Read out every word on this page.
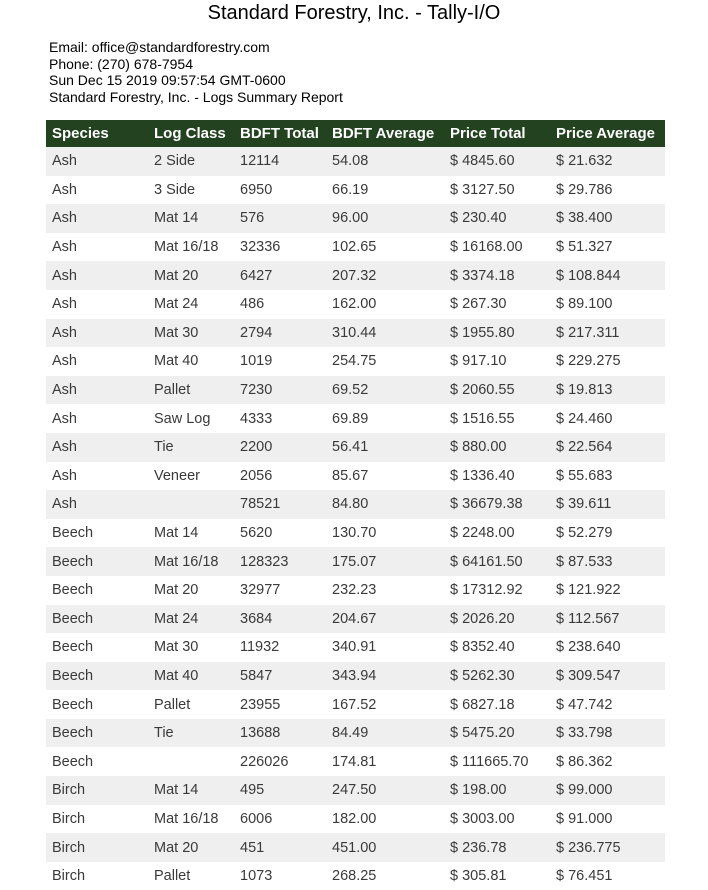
Standard Forestry, Inc. - Tally-I/O
Email: office@standardforestry.com
Phone: (270) 678-7954
Sun Dec 15 2019 09:57:54 GMT-0600
Standard Forestry, Inc. - Logs Summary Report
Species	Log Class	BDFT Total	BDFT Average	Price Total	Price Average
Ash	2 Side	12114	54.08	$ 4845.60	$ 21.632
Ash	3 Side	6950	66.19	$ 3127.50	$ 29.786
Ash	Mat 14	576	96.00	$ 230.40	$ 38.400
Ash	Mat 16/18	32336	102.65	$ 16168.00	$ 51.327
Ash	Mat 20	6427	207.32	$ 3374.18	$ 108.844
Ash	Mat 24	486	162.00	$ 267.30	$ 89.100
Ash	Mat 30	2794	310.44	$ 1955.80	$ 217.311
Ash	Mat 40	1019	254.75	$ 917.10	$ 229.275
Ash	Pallet	7230	69.52	$ 2060.55	$ 19.813
Ash	Saw Log	4333	69.89	$ 1516.55	$ 24.460
Ash	Tie	2200	56.41	$ 880.00	$ 22.564
Ash	Veneer	2056	85.67	$ 1336.40	$ 55.683
Ash		78521	84.80	$ 36679.38	$ 39.611
Beech	Mat 14	5620	130.70	$ 2248.00	$ 52.279
Beech	Mat 16/18	128323	175.07	$ 64161.50	$ 87.533
Beech	Mat 20	32977	232.23	$ 17312.92	$ 121.922
Beech	Mat 24	3684	204.67	$ 2026.20	$ 112.567
Beech	Mat 30	11932	340.91	$ 8352.40	$ 238.640
Beech	Mat 40	5847	343.94	$ 5262.30	$ 309.547
Beech	Pallet	23955	167.52	$ 6827.18	$ 47.742
Beech	Tie	13688	84.49	$ 5475.20	$ 33.798
Beech		226026	174.81	$ 111665.70	$ 86.362
Birch	Mat 14	495	247.50	$ 198.00	$ 99.000
Birch	Mat 16/18	6006	182.00	$ 3003.00	$ 91.000
Birch	Mat 20	451	451.00	$ 236.78	$ 236.775
Birch	Pallet	1073	268.25	$ 305.81	$ 76.451
